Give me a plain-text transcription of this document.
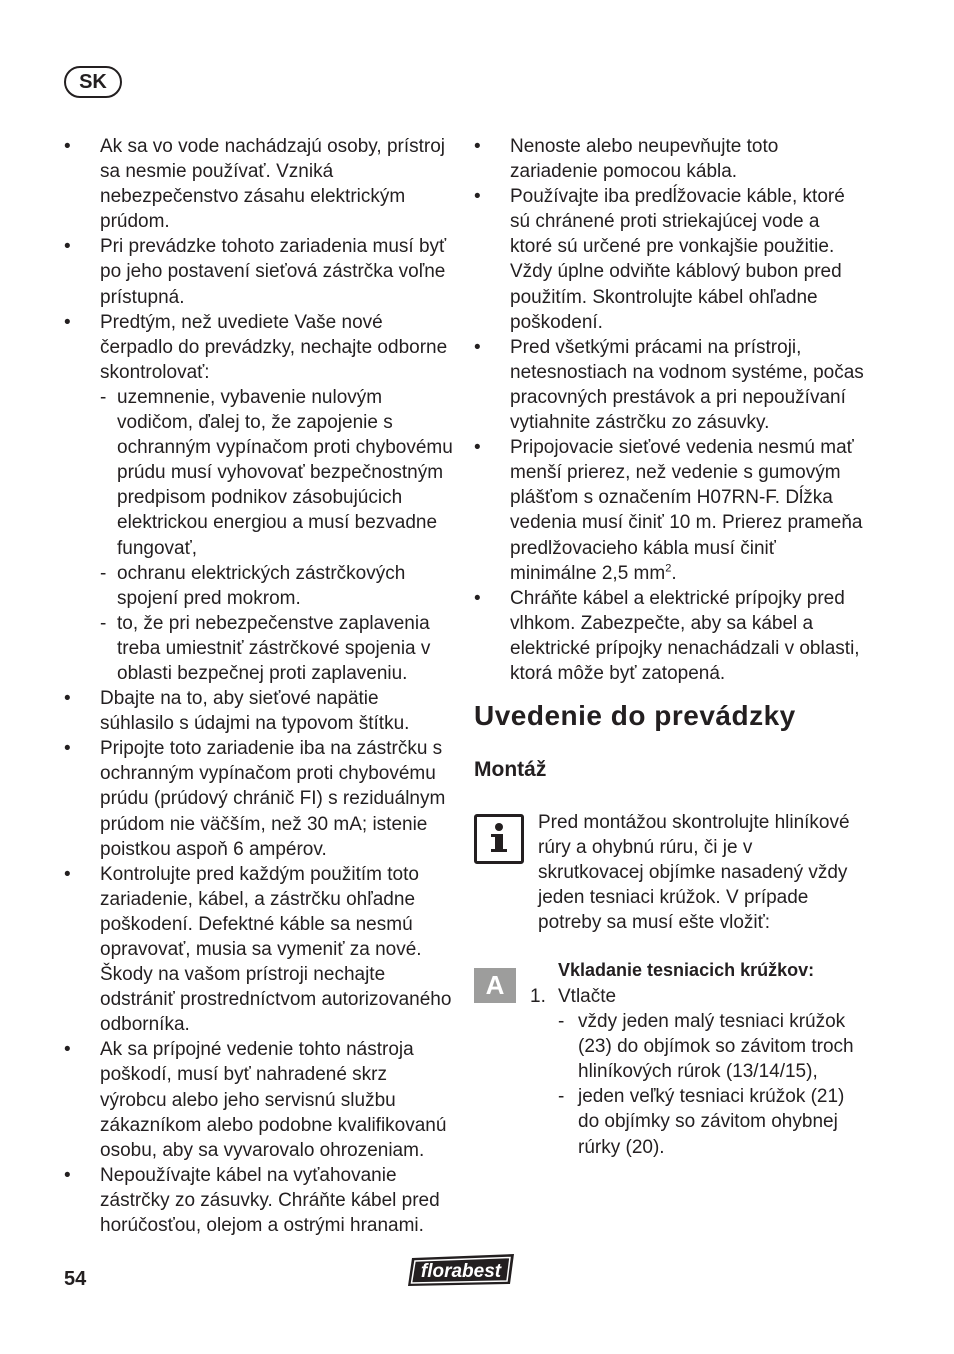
SK
• Ak sa vo vode nachádzajú osoby, prístroj sa nesmie používať. Vzniká nebezpečenstvo zásahu elektrickým prúdom.
• Pri prevádzke tohoto zariadenia musí byť po jeho postavení sieťová zástrčka voľne prístupná.
• Predtým, než uvediete Vaše nové čerpadlo do prevádzky, nechajte odborne skontrolovať:
- uzemnenie, vybavenie nulovým vodičom, ďalej to, že zapojenie s ochranným vypínačom proti chybovému prúdu musí vyhovovať bezpečnostným predpisom podnikov zásobujúcich elektrickou energiou a musí bezvadne fungovať,
- ochranu elektrických zástrčkových spojení pred mokrom.
- to, že pri nebezpečenstve zaplavenia treba umiestniť zástrčkové spojenia v oblasti bezpečnej proti zaplaveniu.
• Dbajte na to, aby sieťové napätie súhlasilo s údajmi na typovom štítku.
• Pripojte toto zariadenie iba na zástrčku s ochranným vypínačom proti chybovému prúdu (prúdový chránič FI) s reziduálnym prúdom nie väčším, než 30 mA; istenie poistkou aspoň 6 ampérov.
• Kontrolujte pred každým použitím toto zariadenie, kábel, a zástrčku ohľadne poškodení. Defektné káble sa nesmú opravovať, musia sa vymeniť za nové. Škody na vašom prístroji nechajte odstrániť prostredníctvom autorizovaného odborníka.
• Ak sa prípojné vedenie tohto nástroja poškodí, musí byť nahradené skrz výrobcu alebo jeho servisnú službu zákazníkom alebo podobne kvalifikovanú osobu, aby sa vyvarovalo ohrozeniam.
• Nepoužívajte kábel na vyťahovanie zástrčky zo zásuvky. Chráňte kábel pred horúčosťou, olejom a ostrými hranami.
• Nenoste alebo neupevňujte toto zariadenie pomocou kábla.
• Používajte iba predĺžovacie káble, ktoré sú chránené proti striekajúcej vode a ktoré sú určené pre vonkajšie použitie. Vždy úplne odviňte káblový bubon pred použitím. Skontrolujte kábel ohľadne poškodení.
• Pred všetkými prácami na prístroji, netesnostiach na vodnom systéme, počas pracovných prestávok a pri nepoužívaní vytiahnite zástrčku zo zásuvky.
• Pripojovacie sieťové vedenia nesmú mať menší prierez, než vedenie s gumovým plášťom s označením H07RN-F. Dĺžka vedenia musí činiť 10 m. Prierez prameňa predlžovacieho kábla musí činiť minimálne 2,5 $mm^2$.
• Chráňte kábel a elektrické prípojky pred vlhkom. Zabezpečte, aby sa kábel a elektrické prípojky nenachádzali v oblasti, ktorá môže byť zatopená.
Uvedenie do prevádzky
Montáž
Pred montážou skontrolujte hliníkové rúry a ohybnú rúru, či je v skrutkovacej objímke nasadený vždy jeden tesniaci krúžok. V prípade potreby sa musí ešte vložiť:
A	Vkladanie tesniacich krúžkov:
1. Vtlačte
- vždy jeden malý tesniaci krúžok (23) do objímok so závitom troch hliníkových rúrok (13/14/15),
- jeden veľký tesniaci krúžok (21) do objímky so závitom ohybnej rúrky (20).
54	florabest
